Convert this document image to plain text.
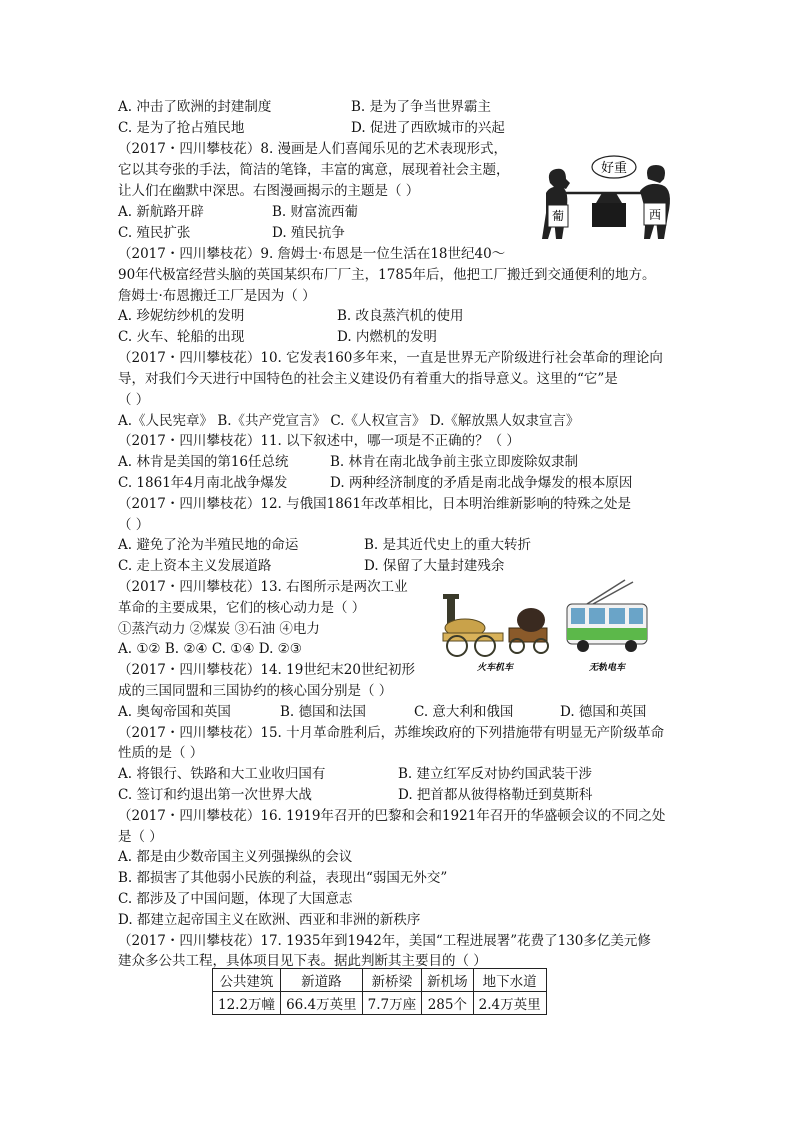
A. 冲击了欧洲的封建制度	B. 是为了争当世界霸主
C. 是为了抢占殖民地	D. 促进了西欧城市的兴起
（2017・四川攀枝花）8. 漫画是人们喜闻乐见的艺术表现形式，
它以其夸张的手法，简洁的笔锋，丰富的寓意，展现着社会主题，
让人们在幽默中深思。右图漫画揭示的主题是（ ）
A. 新航路开辟	B. 财富流西葡
C. 殖民扩张	D. 殖民抗争
好重
葡	西
（2017・四川攀枝花）9. 詹姆士·布恩是一位生活在18世纪40～
90年代极富经营头脑的英国某织布厂厂主，1785年后，他把工厂搬迁到交通便利的地方。
詹姆士·布恩搬迁工厂是因为（ ）
A. 珍妮纺纱机的发明	B. 改良蒸汽机的使用
C. 火车、轮船的出现	D. 内燃机的发明
（2017・四川攀枝花）10. 它发表160多年来，一直是世界无产阶级进行社会革命的理论向
导，对我们今天进行中国特色的社会主义建设仍有着重大的指导意义。这里的“它”是
（ ）
A.《人民宪章》 B.《共产党宣言》 C.《人权宣言》 D.《解放黑人奴隶宣言》
（2017・四川攀枝花）11. 以下叙述中，哪一项是不正确的？（ ）
A. 林肯是美国的第16任总统	B. 林肯在南北战争前主张立即废除奴隶制
C. 1861年4月南北战争爆发	D. 两种经济制度的矛盾是南北战争爆发的根本原因
（2017・四川攀枝花）12. 与俄国1861年改革相比，日本明治维新影响的特殊之处是
（ ）
A. 避免了沦为半殖民地的命运	B. 是其近代史上的重大转折
C. 走上资本主义发展道路	D. 保留了大量封建残余
（2017・四川攀枝花）13. 右图所示是两次工业
革命的主要成果，它们的核心动力是（ ）
①蒸汽动力 ②煤炭 ③石油 ④电力
A. ①② B. ②④ C. ①④ D. ②③
火车机车	无轨电车
（2017・四川攀枝花）14. 19世纪末20世纪初形
成的三国同盟和三国协约的核心国分别是（ ）
A. 奥匈帝国和英国	B. 德国和法国	C. 意大利和俄国	D. 德国和英国
（2017・四川攀枝花）15. 十月革命胜利后，苏维埃政府的下列措施带有明显无产阶级革命
性质的是（ ）
A. 将银行、铁路和大工业收归国有	B. 建立红军反对协约国武装干涉
C. 签订和约退出第一次世界大战	D. 把首都从彼得格勒迁到莫斯科
（2017・四川攀枝花）16. 1919年召开的巴黎和会和1921年召开的华盛顿会议的不同之处
是（ ）
A. 都是由少数帝国主义列强操纵的会议
B. 都损害了其他弱小民族的利益，表现出“弱国无外交”
C. 都涉及了中国问题，体现了大国意志
D. 都建立起帝国主义在欧洲、西亚和非洲的新秩序
（2017・四川攀枝花）17. 1935年到1942年，美国“工程进展署”花费了130多亿美元修
建众多公共工程，具体项目见下表。据此判断其主要目的（ ）
公共建筑	新道路	新桥梁	新机场	地下水道
12.2万幢	66.4万英里	7.7万座	285个	2.4万英里
